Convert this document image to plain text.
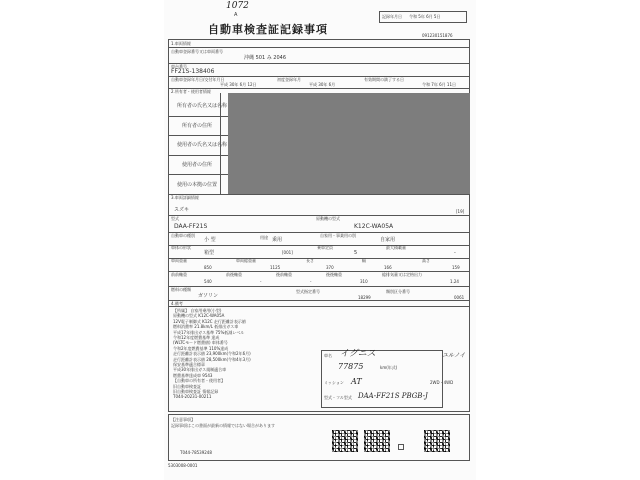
1072
A
自動車検査証記録事項
記録年月日 令和 5年 6月 5日
091230151876
1.車両情報
自動車登録番号又は車両番号
沖縄 501 み 2046
車台番号
FF21S-138406
自動車登録年月日/交付年月日
平成 30年 6月 12日
初度登録年月
平成 30年 6月
有効期間の満了する日
令和 7年 6月 11日
2.所有者・使用者情報
所有者の氏名又は名称
所有者の住所
使用者の氏名又は名称
使用者の住所
使用の本拠の位置
3.車両詳細情報
スズキ	[19]
型式
DAA-FF21S
原動機の型式
K12C-WA05A
自動車の種別
小 型	用途 乗用
自家用・事業用の別
自家用
車体の形状
箱型	[001]
乗車定員
5
最大積載量
-
車両重量
850
車両総重量
1125
長さ
370
幅
166
高さ
159
前前軸重
540
前後軸重
-
後前軸重
-
後後軸重
310
総排気量又は定格出力
1.24
燃料の種類
ガソリン
型式指定番号
18299
類別区分番号
0061
4.備考
【所属】 自家用乗用(小型)
原動機の型式 K12C-WA05A
12V電子制御式 K12C 走行距離計表示値
燃料消費率 21.8km/L 低排出ガス車
平成17年排出ガス基準 75%低減レベル
令和12年度燃費基準 達成
(WLTCモード燃費値) 車体番号
令和2年度燃費基準 110%達成
走行距離計表示値 23,900km(令和2年6月)
走行距離計表示値 28,500km(令和4年3月)
保安基準適合標章
平成30年排出ガス規制適合車
燃費基準達成車 9543
【自動車の所有者・使用者】
旧自動車検査証
旧自動車検査証 情報記録
T044-20231-00211
車名 イグニス	ユルノイ
77875	km(年式)
ミッション AT	2WD・4WD
型式・フル型式 DAA-FF21S PBGB-J
【注意事項】
記録事項はこの書面が最新の情報ではない場合があります
T044-78539248
5303008-0001
